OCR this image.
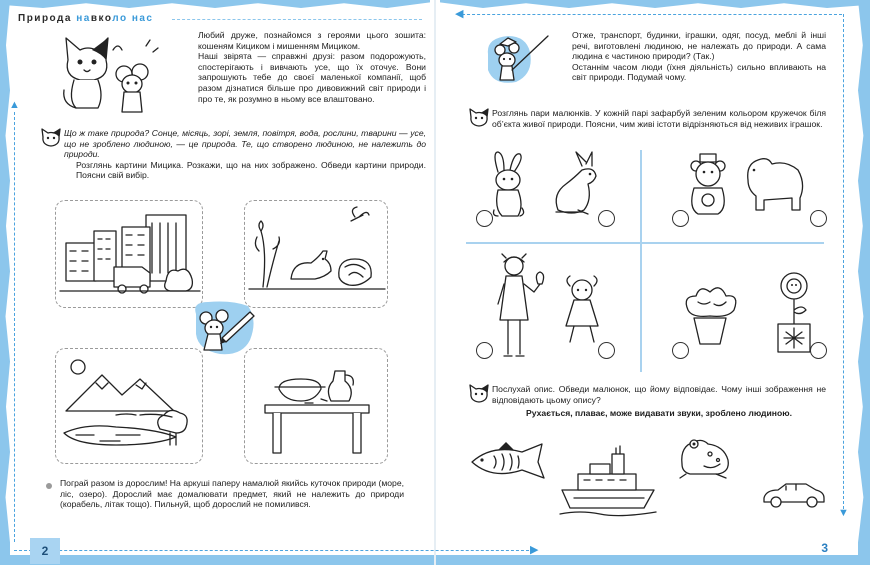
Природа навколо нас
▲
▶
◀
▼
Любий друже, познайомся з героями цього зошита: кошеням Кициком і мишенням Мициком.
Наші звірята — справжні друзі: разом подорожують, спостерігають і вивчають усе, що їх оточує. Вони запрошують тебе до своєї маленької компанії, щоб разом дізнатися більше про дивовижний світ природи і про те, як розумно в ньому все влаштовано.
Що ж таке природа? Сонце, місяць, зорі, земля, повітря, вода, рослини, тварини — усе, що не зроблено людиною, — це природа. Те, що створено людиною, не належить до природи.
Розглянь картини Мицика. Розкажи, що на них зображено. Обведи картини природи. Поясни свій вибір.
Пограй разом із дорослим! На аркуші паперу намалюй якийсь куточок природи (море, ліс, озеро). Дорослий має домалювати предмет, який не належить до природи (корабель, літак тощо). Пильнуй, щоб дорослий не помилився.
2
Отже, транспорт, будинки, іграшки, одяг, посуд, меблі й інші речі, виготовлені людиною, не належать до природи. А сама людина є частиною природи? (Так.)
Останнім часом люди (їхня діяльність) сильно впливають на світ природи. Подумай чому.
Розглянь пари малюнків. У кожній парі зафарбуй зеленим кольором кружечок біля об’єкта живої природи. Поясни, чим живі істоти відрізняються від неживих іграшок.
Послухай опис. Обведи малюнок, що йому відповідає. Чому інші зображення не відповідають цьому опису?
Рухається, плаває, може видавати звуки, зроблено людиною.
3
